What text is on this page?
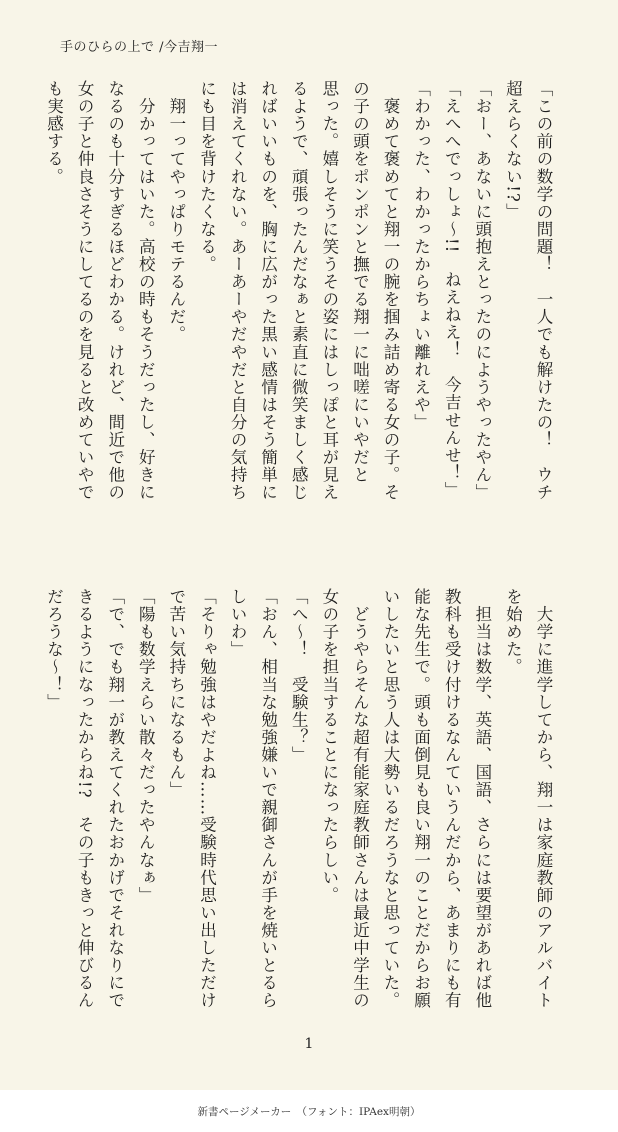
手のひらの上で /今吉翔一
「この前の数学の問題！　一人でも解けたの！　ウチ
超えらくない!?」
「おー、あないに頭抱えとったのにようやったやん」
「えへへでっしょ〜!!　ねえねえ！　今吉せんせ！」
「わかった、わかったからちょい離れえや」
　褒めて褒めてと翔一の腕を掴み詰め寄る女の子。そ
の子の頭をポンポンと撫でる翔一に咄嗟にいやだと
思った。嬉しそうに笑うその姿にはしっぽと耳が見え
るようで、頑張ったんだなぁと素直に微笑ましく感じ
ればいいものを、胸に広がった黒い感情はそう簡単に
は消えてくれない。あーあーやだやだと自分の気持ち
にも目を背けたくなる。
　翔一ってやっぱりモテるんだ。
　分かってはいた。高校の時もそうだったし、好きに
なるのも十分すぎるほどわかる。けれど、間近で他の
女の子と仲良さそうにしてるのを見ると改めていやで
も実感する。
　大学に進学してから、翔一は家庭教師のアルバイト
を始めた。
　担当は数学、英語、国語、さらには要望があれば他
教科も受け付けるなんていうんだから、あまりにも有
能な先生で。頭も面倒見も良い翔一のことだからお願
いしたいと思う人は大勢いるだろうなと思っていた。
　どうやらそんな超有能家庭教師さんは最近中学生の
女の子を担当することになったらしい。
「へ〜！　受験生？」
「おん、相当な勉強嫌いで親御さんが手を焼いとるら
しいわ」
「そりゃ勉強はやだよね……受験時代思い出しただけ
で苦い気持ちになるもん」
「陽も数学えらい散々だったやんなぁ」
「で、でも翔一が教えてくれたおかげでそれなりにで
きるようになったからね!?　その子もきっと伸びるん
だろうな〜！」
1
新書ページメーカー　（フォント：IPAex明朝）
